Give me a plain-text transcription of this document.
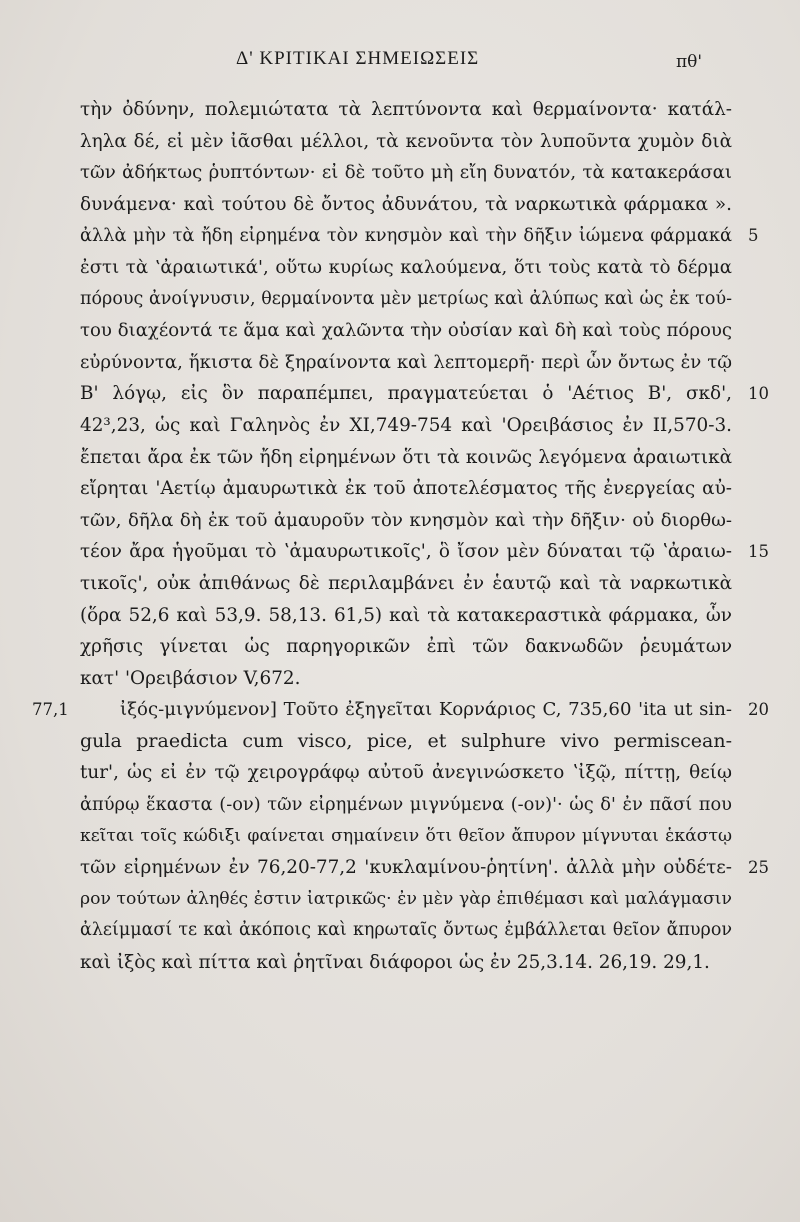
Δ' ΚΡΙΤΙΚΑΙ ΣΗΜΕΙΩΣΕΙΣ	πθ'
τὴν ὀδύνην, πολεμιώτατα τὰ λεπτύνοντα καὶ θερμαίνοντα· κατάλ-
ληλα δέ, εἰ μὲν ἰᾶσθαι μέλλοι, τὰ κενοῦντα τὸν λυποῦντα χυμὸν διὰ
τῶν ἀδήκτως ῥυπτόντων· εἰ δὲ τοῦτο μὴ εἴη δυνατόν, τὰ κατακεράσαι
δυνάμενα· καὶ τούτου δὲ ὄντος ἀδυνάτου, τὰ ναρκωτικὰ φάρμακα ».
ἀλλὰ μὴν τὰ ἤδη εἰρημένα τὸν κνησμὸν καὶ τὴν δῆξιν ἰώμενα φάρμακά 5
ἐστι τὰ ʽἀραιωτικά', οὕτω κυρίως καλούμενα, ὅτι τοὺς κατὰ τὸ δέρμα
πόρους ἀνοίγνυσιν, θερμαίνοντα μὲν μετρίως καὶ ἀλύπως καὶ ὡς ἐκ τού-
του διαχέοντά τε ἅμα καὶ χαλῶντα τὴν οὐσίαν καὶ δὴ καὶ τοὺς πόρους
εὐρύνοντα, ἥκιστα δὲ ξηραίνοντα καὶ λεπτομερῆ· περὶ ὧν ὄντως ἐν τῷ
Β' λόγῳ, εἰς ὃν παραπέμπει, πραγματεύεται ὁ 'Αέτιος Β', σκδ', 10
42³,23, ὡς καὶ Γαληνὸς ἐν XI,749-754 καὶ 'Ορειβάσιος ἐν II,570-3.
ἔπεται ἄρα ἐκ τῶν ἤδη εἰρημένων ὅτι τὰ κοινῶς λεγόμενα ἀραιωτικὰ
εἴρηται 'Αετίῳ ἀμαυρωτικὰ ἐκ τοῦ ἀποτελέσματος τῆς ἐνεργείας αὐ-
τῶν, δῆλα δὴ ἐκ τοῦ ἀμαυροῦν τὸν κνησμὸν καὶ τὴν δῆξιν· οὐ διορθω-
τέον ἄρα ἡγοῦμαι τὸ ʽἀμαυρωτικοῖς', ὃ ἴσον μὲν δύναται τῷ ʽἀραιω- 15
τικοῖς', οὐκ ἀπιθάνως δὲ περιλαμβάνει ἐν ἑαυτῷ καὶ τὰ ναρκωτικὰ
(ὅρα 52,6 καὶ 53,9. 58,13. 61,5) καὶ τὰ κατακεραστικὰ φάρμακα, ὧν
χρῆσις γίνεται ὡς παρηγορικῶν ἐπὶ τῶν δακνωδῶν ῥευμάτων
κατ' 'Ορειβάσιον V,672.
77,1	ἰξός-μιγνύμενον] Τοῦτο ἐξηγεῖται Κορνάριος C, 735,60 'ita ut sin- 20
gula praedicta cum visco, pice, et sulphure vivo permiscean-
tur', ὡς εἰ ἐν τῷ χειρογράφῳ αὐτοῦ ἀνεγινώσκετο ʽἰξῷ, πίττῃ, θείῳ
ἀπύρῳ ἕκαστα (-ον) τῶν εἰρημένων μιγνύμενα (-ον)'· ὡς δ' ἐν πᾶσί που
κεῖται τοῖς κώδιξι φαίνεται σημαίνειν ὅτι θεῖον ἄπυρον μίγνυται ἑκάστῳ
τῶν εἰρημένων ἐν 76,20-77,2 'κυκλαμίνου-ῥητίνη'. ἀλλὰ μὴν οὐδέτε- 25
ρον τούτων ἀληθές ἐστιν ἰατρικῶς· ἐν μὲν γὰρ ἐπιθέμασι καὶ μαλάγμασιν
ἀλείμμασί τε καὶ ἀκόποις καὶ κηρωταῖς ὄντως ἐμβάλλεται θεῖον ἄπυρον
καὶ ἰξὸς καὶ πίττα καὶ ῥητῖναι διάφοροι ὡς ἐν 25,3.14. 26,19. 29,1.
